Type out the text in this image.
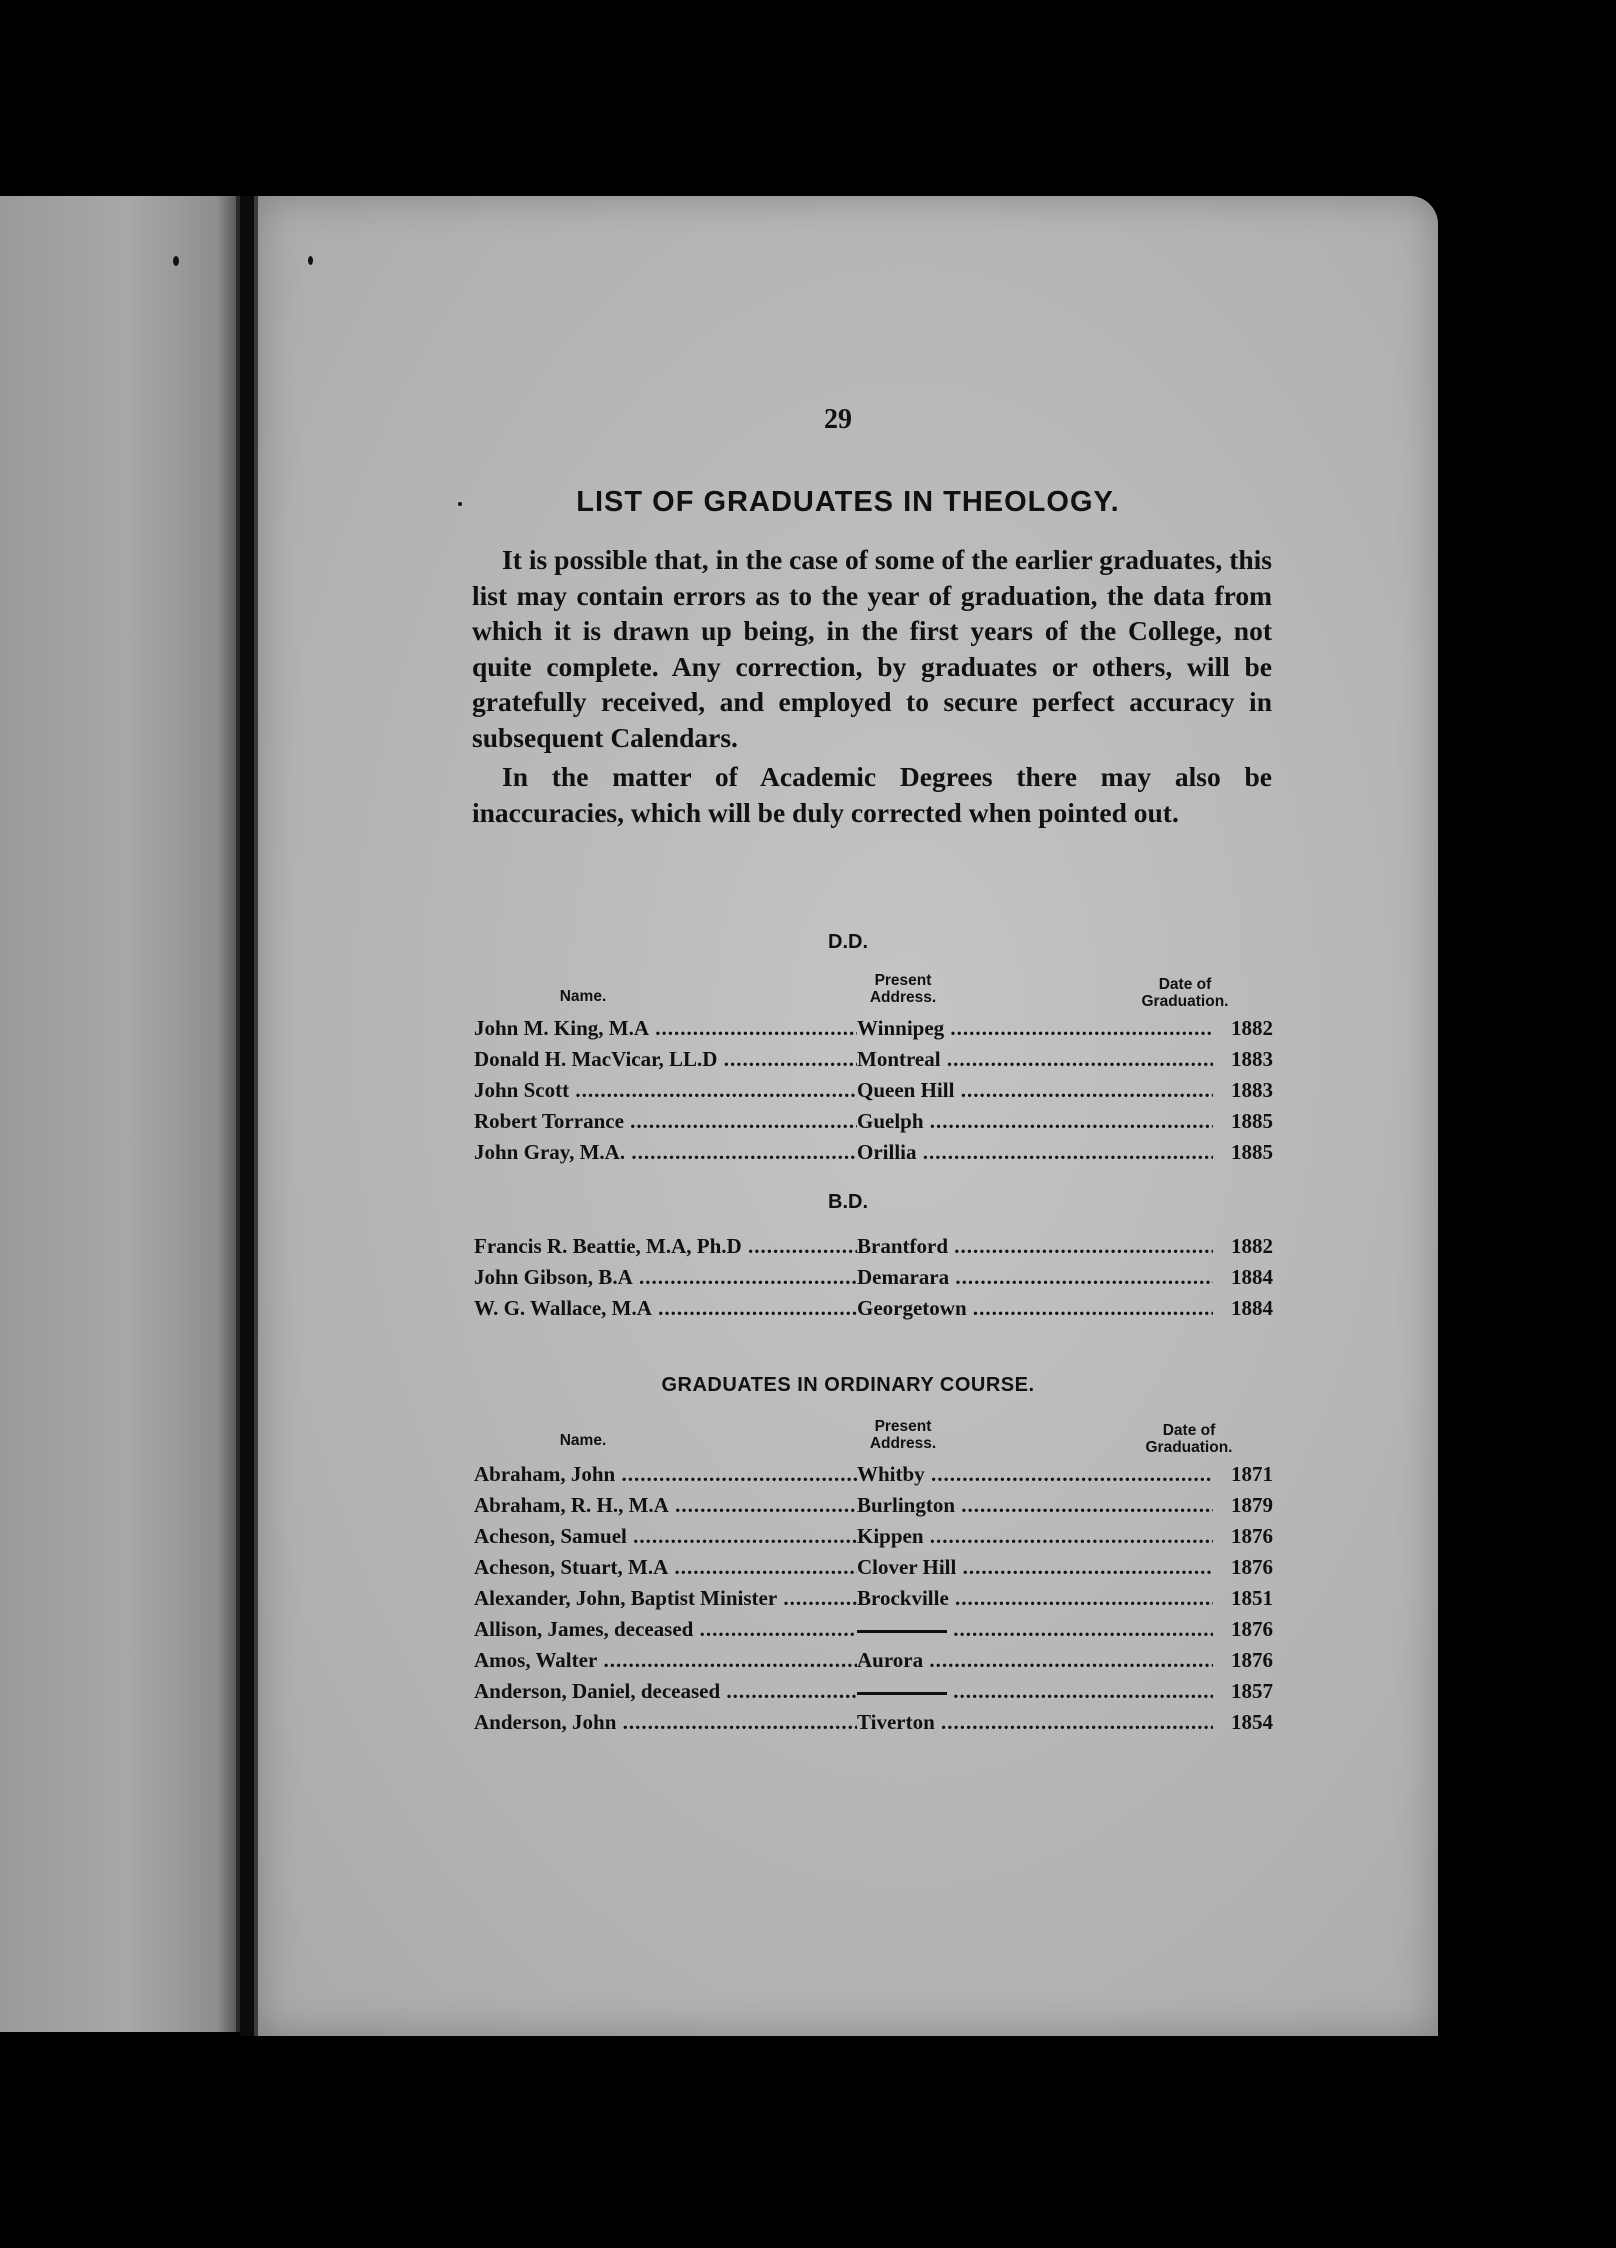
29
LIST OF GRADUATES IN THEOLOGY.

It is possible that, in the case of some of the earlier graduates, this list may contain errors as to the year of graduation, the data from which it is drawn up being, in the first years of the College, not quite complete. Any correction, by graduates or others, will be gratefully received, and employed to secure perfect accuracy in subsequent Calendars.

In the matter of Academic Degrees there may also be inaccuracies, which will be duly corrected when pointed out.

D.D.
Name.
Present Address.
Date of Graduation.
John M. King, M.A .....	Winnipeg .....	1882
Donald H. MacVicar, LL.D .....	Montreal .....	1883
John Scott .....	Queen Hill .....	1883
Robert Torrance .....	Guelph .....	1885
John Gray, M.A. .....	Orillia .....	1885
B.D.
Francis R. Beattie, M.A, Ph.D .....	Brantford .....	1882
John Gibson, B.A .....	Demarara .....	1884
W. G. Wallace, M.A .....	Georgetown .....	1884
GRADUATES IN ORDINARY COURSE.
Name.
Present Address.
Date of Graduation.
Abraham, John .....	Whitby .....	1871
Abraham, R. H., M.A .....	Burlington .....	1879
Acheson, Samuel .....	Kippen .....	1876
Acheson, Stuart, M.A .....	Clover Hill .....	1876
Alexander, John, Baptist Minister .....	Brockville .....	1851
Allison, James, deceased ..... .....	1876
Amos, Walter .....	Aurora .....	1876
Anderson, Daniel, deceased ..... .....	1857
Anderson, John .....	Tiverton .....	1854
